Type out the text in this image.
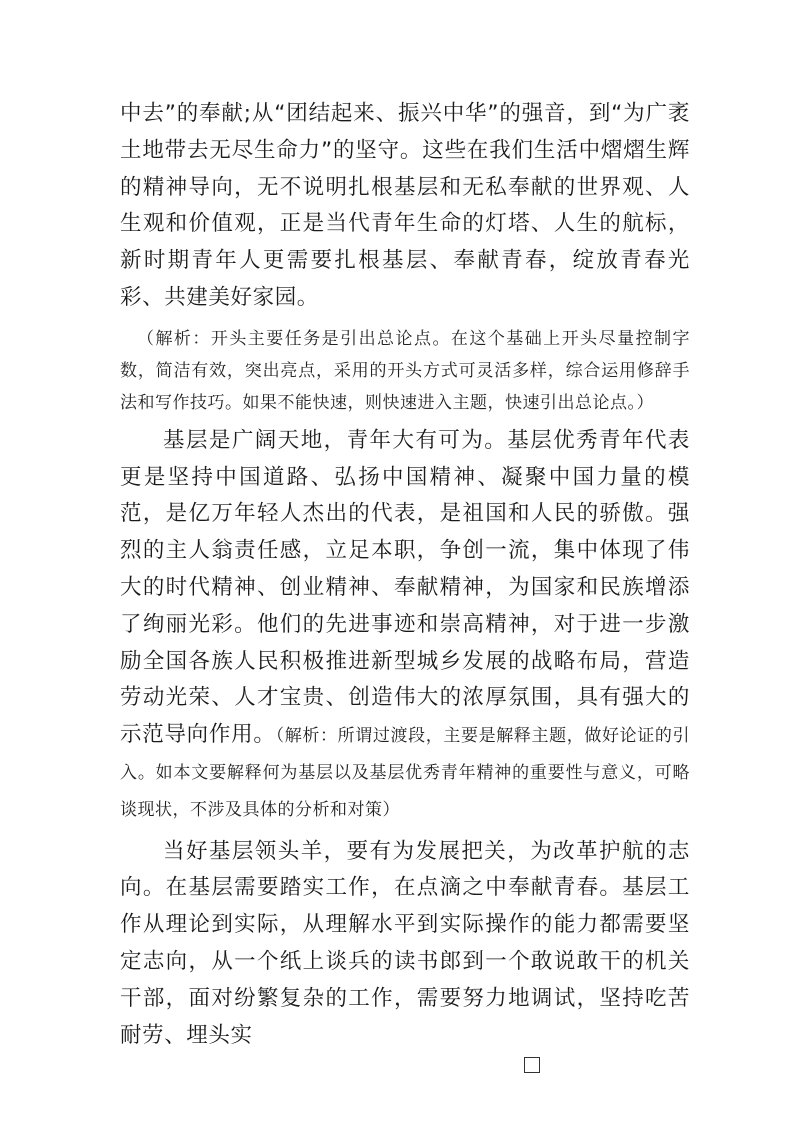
中去”的奉献;从“团结起来、振兴中华”的强音，到“为广袤土地带去无尽生命力”的坚守。这些在我们生活中熠熠生辉的精神导向，无不说明扎根基层和无私奉献的世界观、人生观和价值观，正是当代青年生命的灯塔、人生的航标，新时期青年人更需要扎根基层、奉献青春，绽放青春光彩、共建美好家园。

（解析：开头主要任务是引出总论点。在这个基础上开头尽量控制字数，简洁有效，突出亮点，采用的开头方式可灵活多样，综合运用修辞手法和写作技巧。如果不能快速，则快速进入主题，快速引出总论点。）

基层是广阔天地，青年大有可为。基层优秀青年代表更是坚持中国道路、弘扬中国精神、凝聚中国力量的模范，是亿万年轻人杰出的代表，是祖国和人民的骄傲。强烈的主人翁责任感，立足本职，争创一流，集中体现了伟大的时代精神、创业精神、奉献精神，为国家和民族增添了绚丽光彩。他们的先进事迹和崇高精神，对于进一步激励全国各族人民积极推进新型城乡发展的战略布局，营造劳动光荣、人才宝贵、创造伟大的浓厚氛围，具有强大的示范导向作用。（解析：所谓过渡段，主要是解释主题，做好论证的引入。如本文要解释何为基层以及基层优秀青年精神的重要性与意义，可略谈现状，不涉及具体的分析和对策）

当好基层领头羊，要有为发展把关，为改革护航的志向。在基层需要踏实工作，在点滴之中奉献青春。基层工作从理论到实际，从理解水平到实际操作的能力都需要坚定志向，从一个纸上谈兵的读书郎到一个敢说敢干的机关干部，面对纷繁复杂的工作，需要努力地调试，坚持吃苦耐劳、埋头实
